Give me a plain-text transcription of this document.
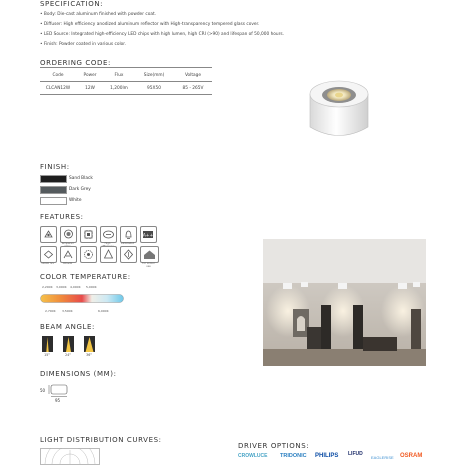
SPECIFICATION:
• Body: Die-cast aluminum finished with powder coat.
• Diffuser: High efficiency anodized aluminum reflector with High-transparency tempered glass cover.
• LED Source: Integrated high-efficiency LED chips with high lumen, high CRI (>90) and lifespan of 50,000 hours.
• Finish: Powder coated in various color.
ORDERING CODE:
Code	Power	Flux	Size(mm)	Voltage
CLCAN12W	12W	1,200lm	95X50	85 - 265V
FINISH:
Sand Black
Dark Grey
White
FEATURES:
Tempered	High	DIMMABLE
A++
50000 hrs	CRI≥90	For indoor use
COLOR TEMPERATURE:
2,200K 3,000K 4,000K 5,000K
2,700K 3,500K	6,000K
BEAM ANGLE:
15°	24°	36°
DIMENSIONS (MM):
50
95
LIGHT DISTRIBUTION CURVES:
DRIVER OPTIONS:
CROWLUCE TRIDONIC PHILIPS LIFUD
EAGLERISE OSRAM
